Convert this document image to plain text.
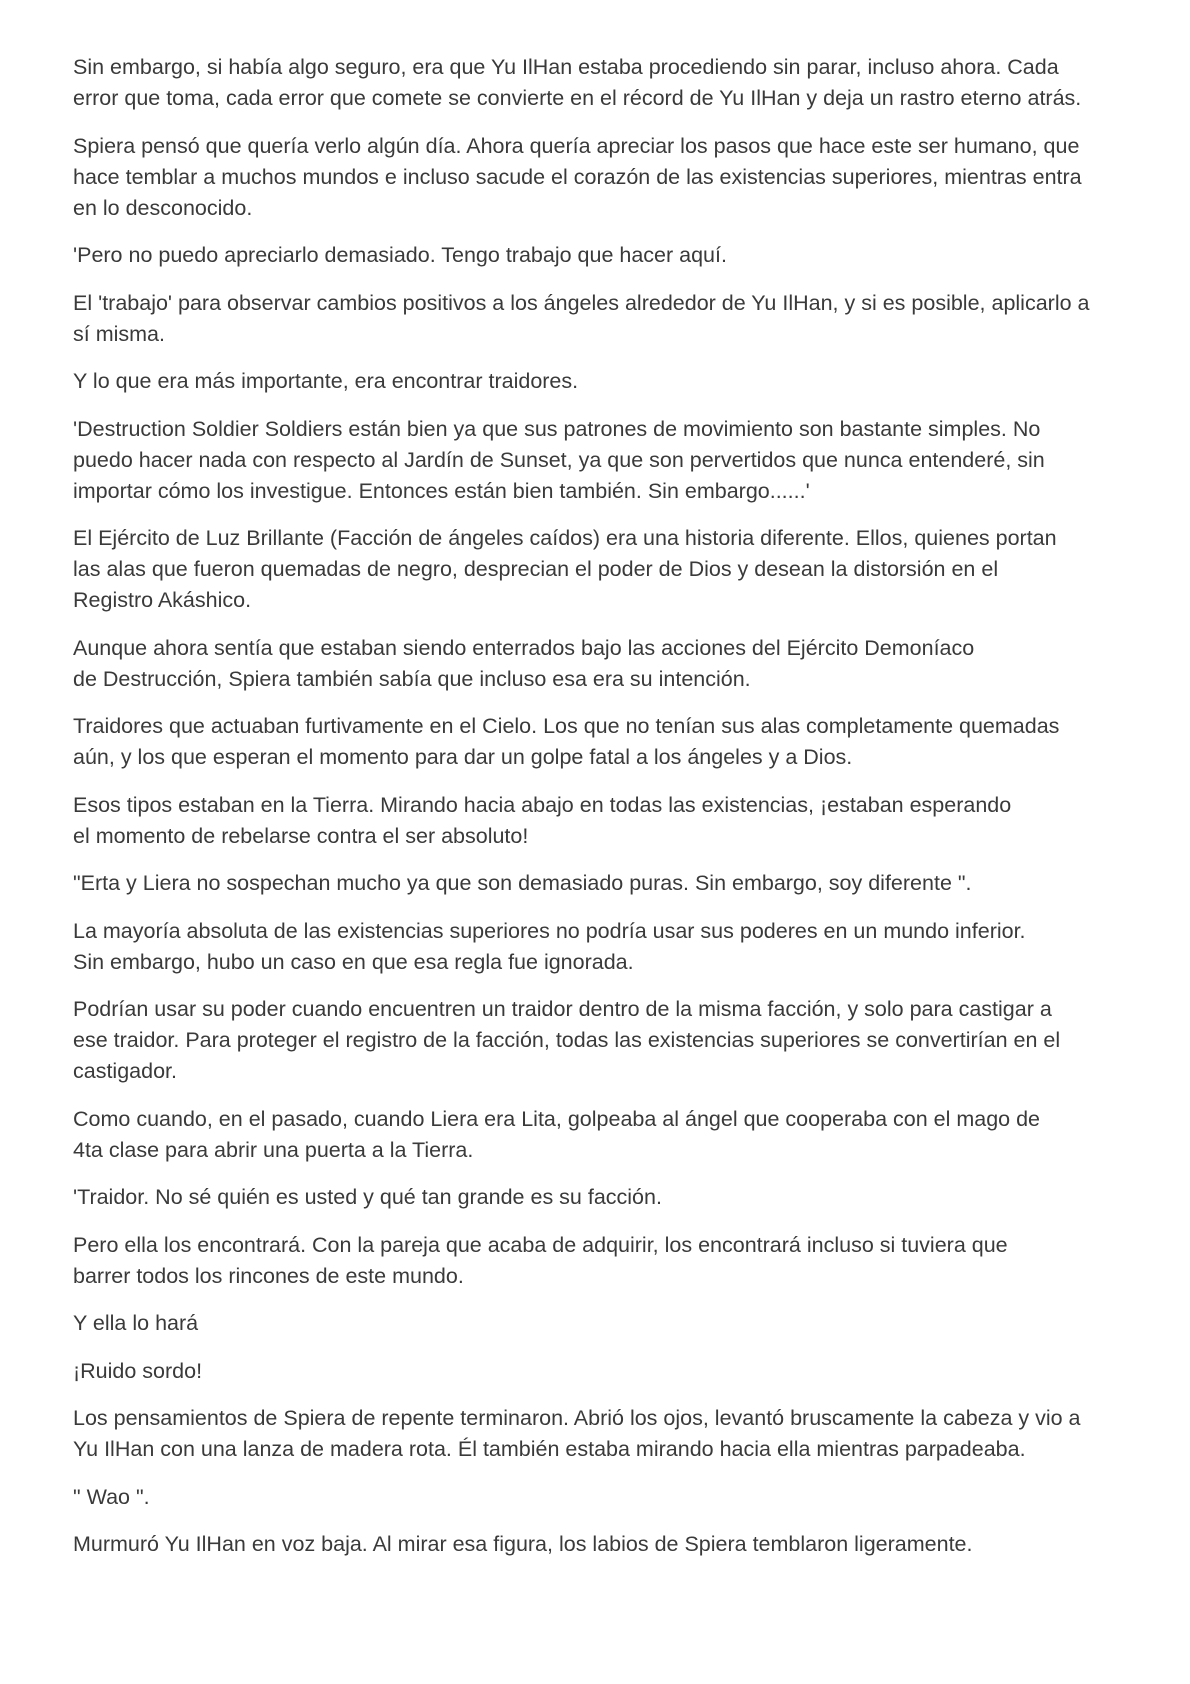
Sin embargo, si había algo seguro, era que Yu IlHan estaba procediendo sin parar, incluso ahora. Cada
error que toma, cada error que comete se convierte en el récord de Yu IlHan y deja un rastro eterno atrás.

Spiera pensó que quería verlo algún día. Ahora quería apreciar los pasos que hace este ser humano, que
hace temblar a muchos mundos e incluso sacude el corazón de las existencias superiores, mientras entra
en lo desconocido.

'Pero no puedo apreciarlo demasiado. Tengo trabajo que hacer aquí.

El 'trabajo' para observar cambios positivos a los ángeles alrededor de Yu IlHan, y si es posible, aplicarlo a
sí misma.

Y lo que era más importante, era encontrar traidores.

'Destruction Soldier Soldiers están bien ya que sus patrones de movimiento son bastante simples. No
puedo hacer nada con respecto al Jardín de Sunset, ya que son pervertidos que nunca entenderé, sin
importar cómo los investigue. Entonces están bien también. Sin embargo......'

El Ejército de Luz Brillante (Facción de ángeles caídos) era una historia diferente. Ellos, quienes portan
las alas que fueron quemadas de negro, desprecian el poder de Dios y desean la distorsión en el
Registro Akáshico.

Aunque ahora sentía que estaban siendo enterrados bajo las acciones del Ejército Demoníaco
de Destrucción, Spiera también sabía que incluso esa era su intención.

Traidores que actuaban furtivamente en el Cielo. Los que no tenían sus alas completamente quemadas
aún, y los que esperan el momento para dar un golpe fatal a los ángeles y a Dios.

Esos tipos estaban en la Tierra. Mirando hacia abajo en todas las existencias, ¡estaban esperando
el momento de rebelarse contra el ser absoluto!

"Erta y Liera no sospechan mucho ya que son demasiado puras. Sin embargo, soy diferente ".

La mayoría absoluta de las existencias superiores no podría usar sus poderes en un mundo inferior.
Sin embargo, hubo un caso en que esa regla fue ignorada.

Podrían usar su poder cuando encuentren un traidor dentro de la misma facción, y solo para castigar a
ese traidor. Para proteger el registro de la facción, todas las existencias superiores se convertirían en el
castigador.

Como cuando, en el pasado, cuando Liera era Lita, golpeaba al ángel que cooperaba con el mago de
4ta clase para abrir una puerta a la Tierra.

'Traidor. No sé quién es usted y qué tan grande es su facción.

Pero ella los encontrará. Con la pareja que acaba de adquirir, los encontrará incluso si tuviera que
barrer todos los rincones de este mundo.

Y ella lo hará

¡Ruido sordo!

Los pensamientos de Spiera de repente terminaron. Abrió los ojos, levantó bruscamente la cabeza y vio a
Yu IlHan con una lanza de madera rota. Él también estaba mirando hacia ella mientras parpadeaba.

" Wao ".

Murmuró Yu IlHan en voz baja. Al mirar esa figura, los labios de Spiera temblaron ligeramente.
